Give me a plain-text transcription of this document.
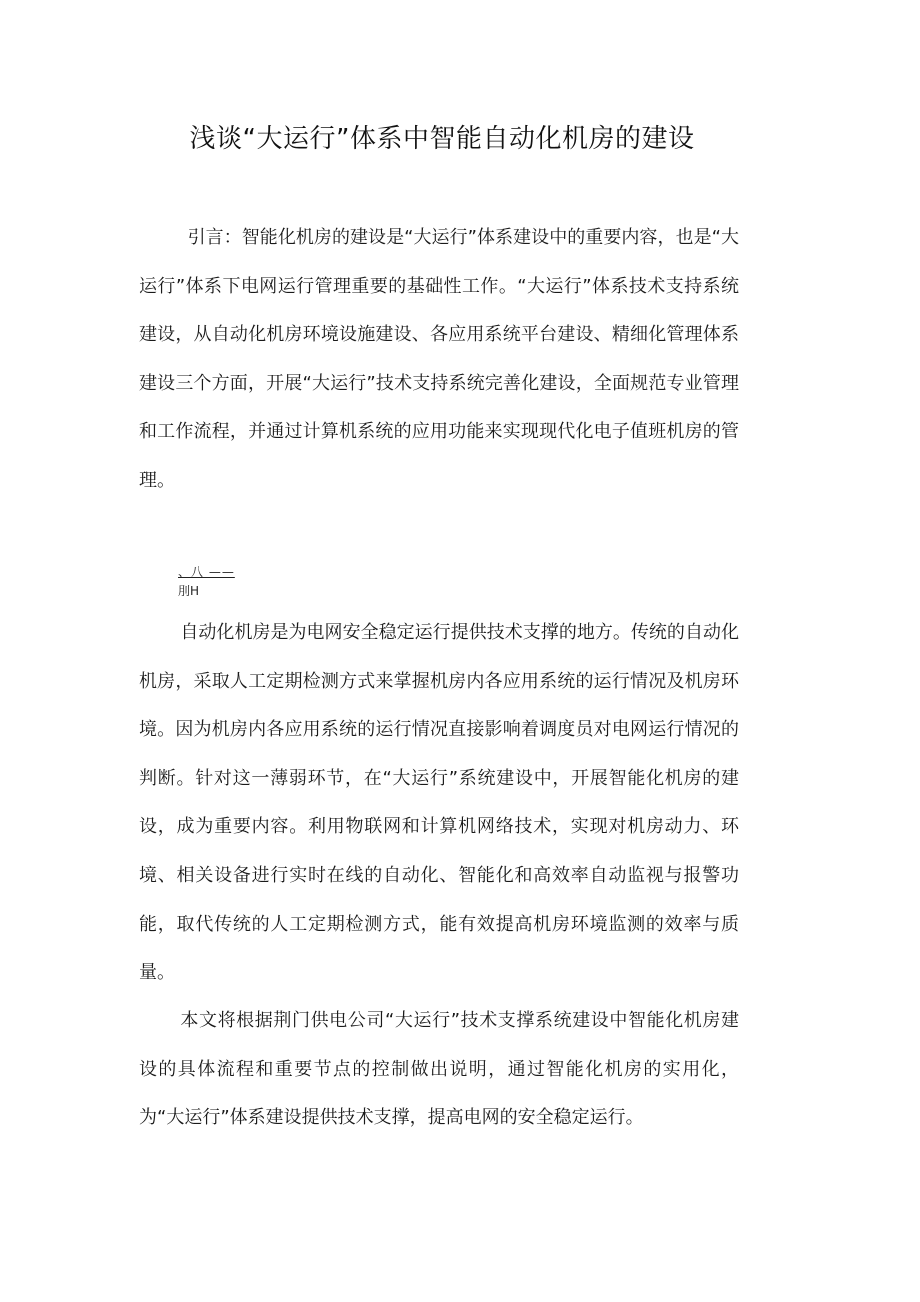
浅谈“大运行”体系中智能自动化机房的建设

引言：智能化机房的建设是“大运行”体系建设中的重要内容，也是“大运行”体系下电网运行管理重要的基础性工作。“大运行”体系技术支持系统建设，从自动化机房环境设施建设、各应用系统平台建设、精细化管理体系建设三个方面，开展“大运行”技术支持系统完善化建设，全面规范专业管理和工作流程，并通过计算机系统的应用功能来实现现代化电子值班机房的管理。

、八 ——
刖H

自动化机房是为电网安全稳定运行提供技术支撑的地方。传统的自动化机房，采取人工定期检测方式来掌握机房内各应用系统的运行情况及机房环境。因为机房内各应用系统的运行情况直接影响着调度员对电网运行情况的判断。针对这一薄弱环节，在“大运行”系统建设中，开展智能化机房的建设，成为重要内容。利用物联网和计算机网络技术，实现对机房动力、环境、相关设备进行实时在线的自动化、智能化和高效率自动监视与报警功能，取代传统的人工定期检测方式，能有效提高机房环境监测的效率与质量。

本文将根据荆门供电公司“大运行”技术支撑系统建设中智能化机房建设的具体流程和重要节点的控制做出说明，通过智能化机房的实用化，为“大运行”体系建设提供技术支撑，提高电网的安全稳定运行。
